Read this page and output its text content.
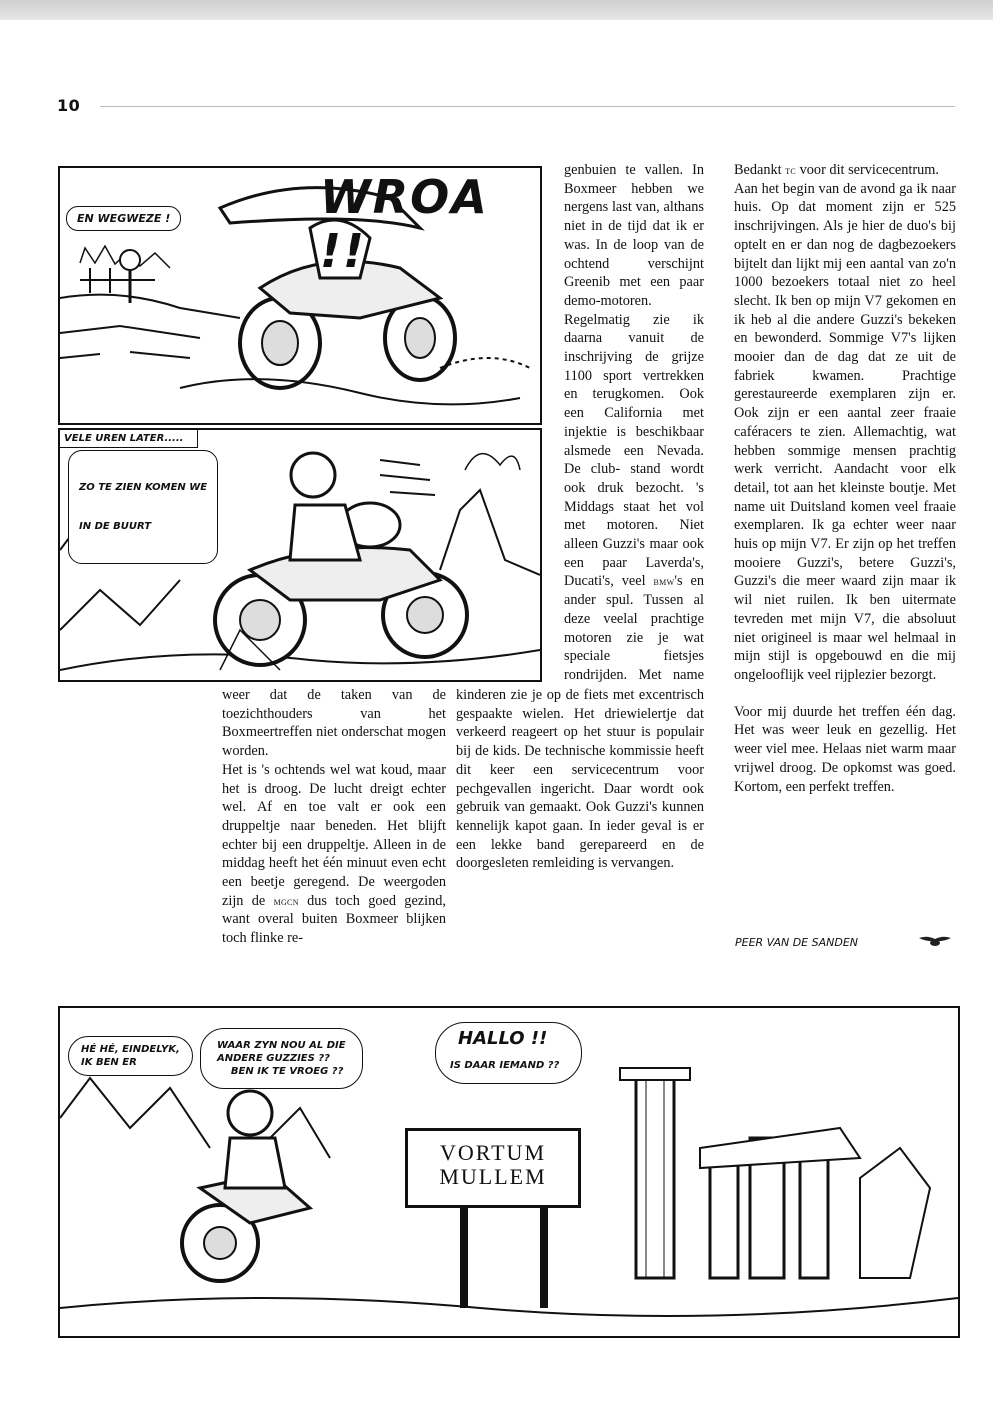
10
EN WEGWEZE !	WROA !!
VELE UREN LATER.....

ZO TE ZIEN KOMEN WE

IN DE BUURT

weer dat de taken van de toezichthouders van het Boxmeertreffen niet onderschat mogen worden.

Het is 's ochtends wel wat koud, maar het is droog. De lucht dreigt echter wel. Af en toe valt er ook een druppeltje naar beneden. Het blijft echter bij een druppeltje. Alleen in de middag heeft het één minuut even echt een beetje geregend. De weergoden zijn de mgcn dus toch goed gezind, want overal buiten Boxmeer blijken toch flinke re-

genbuien te vallen. In Boxmeer hebben we nergens last van, althans niet in de tijd dat ik er was. In de loop van de ochtend verschijnt Greenib met een paar demo-motoren. Regelmatig zie ik daarna vanuit de inschrijving de grijze 1100 sport vertrekken en terugkomen. Ook een California met injektie is beschikbaar alsmede een Nevada. De club- stand wordt ook druk bezocht. 's Middags staat het vol met motoren. Niet alleen Guzzi's maar ook een paar Laverda's, Ducati's, veel bmw's en ander spul. Tussen al deze veelal prachtige motoren zie je wat speciale fietsjes rondrijden. Met name

kinderen zie je op de fiets met excentrisch gespaakte wielen. Het driewielertje dat verkeerd reageert op het stuur is populair bij de kids. De technische kommissie heeft dit keer een servicecentrum voor pechgevallen ingericht. Daar wordt ook gebruik van gemaakt. Ook Guzzi's kunnen kennelijk kapot gaan. In ieder geval is er een lekke band gerepareerd en de doorgesleten remleiding is vervangen.

Bedankt tc voor dit servicecentrum.

Aan het begin van de avond ga ik naar huis. Op dat moment zijn er 525 inschrijvingen. Als je hier de duo's bij optelt en er dan nog de dagbezoekers bijtelt dan lijkt mij een aantal van zo'n 1000 bezoekers totaal niet zo heel slecht. Ik ben op mijn V7 gekomen en ik heb al die andere Guzzi's bekeken en bewonderd. Sommige V7's lijken mooier dan de dag dat ze uit de fabriek kwamen. Prachtige gerestaureerde exemplaren zijn er. Ook zijn er een aantal zeer fraaie caféracers te zien. Allemachtig, wat hebben sommige mensen prachtig werk verricht. Aandacht voor elk detail, tot aan het kleinste boutje. Met name uit Duitsland komen veel fraaie exemplaren. Ik ga echter weer naar huis op mijn V7. Er zijn op het treffen mooiere Guzzi's, betere Guzzi's, Guzzi's die meer waard zijn maar ik wil niet ruilen. Ik ben uitermate tevreden met mijn V7, die absoluut niet origineel is maar wel helmaal in mijn stijl is opgebouwd en die mij ongelooflijk veel rijplezier bezorgt.

Voor mij duurde het treffen één dag. Het was weer leuk en gezellig. Het weer viel mee. Helaas niet warm maar vrijwel droog. De opkomst was goed. Kortom, een perfekt treffen.

PEER VAN DE SANDEN
HÉ HÉ, EINDELYK,
IK BEN ER
WAAR ZYN NOU AL DIE
ANDERE GUZZIES ??
BEN IK TE VROEG ??
HALLO !!
IS DAAR IEMAND ??
VORTUM
MULLEM
